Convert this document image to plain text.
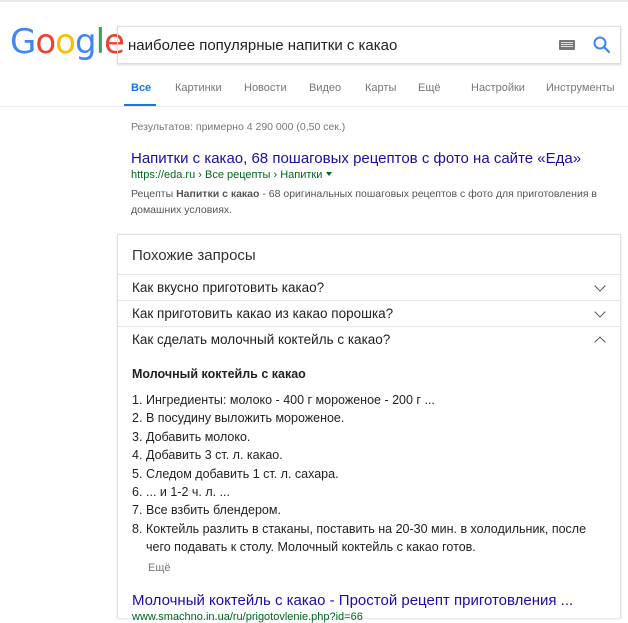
Google наиболее популярные напитки с какао
Все Картинки Новости Видео Карты Ещё	Настройки Инструменты
Результатов: примерно 4 290 000 (0,50 сек.)
Напитки с какао, 68 пошаговых рецептов с фото на сайте «Еда»
https://eda.ru › Все рецепты › Напитки
Рецепты Напитки с какао - 68 оригинальных пошаговых рецептов с фото для приготовления в домашних условиях.
Похожие запросы
Как вкусно приготовить какао?
Как приготовить какао из какао порошка?
Как сделать молочный коктейль с какао?
Молочный коктейль с какао
1. Ингредиенты: молоко - 400 г мороженое - 200 г ...
2. В посудину выложить мороженое.
3. Добавить молоко.
4. Добавить 3 ст. л. какао.
5. Следом добавить 1 ст. л. сахара.
6. ... и 1-2 ч. л. ...
7. Все взбить блендером.
8. Коктейль разлить в стаканы, поставить на 20-30 мин. в холодильник, после чего подавать к столу. Молочный коктейль с какао готов.
Ещё
Молочный коктейль с какао - Простой рецепт приготовления ...
www.smachno.in.ua/ru/prigotovlenie.php?id=66
